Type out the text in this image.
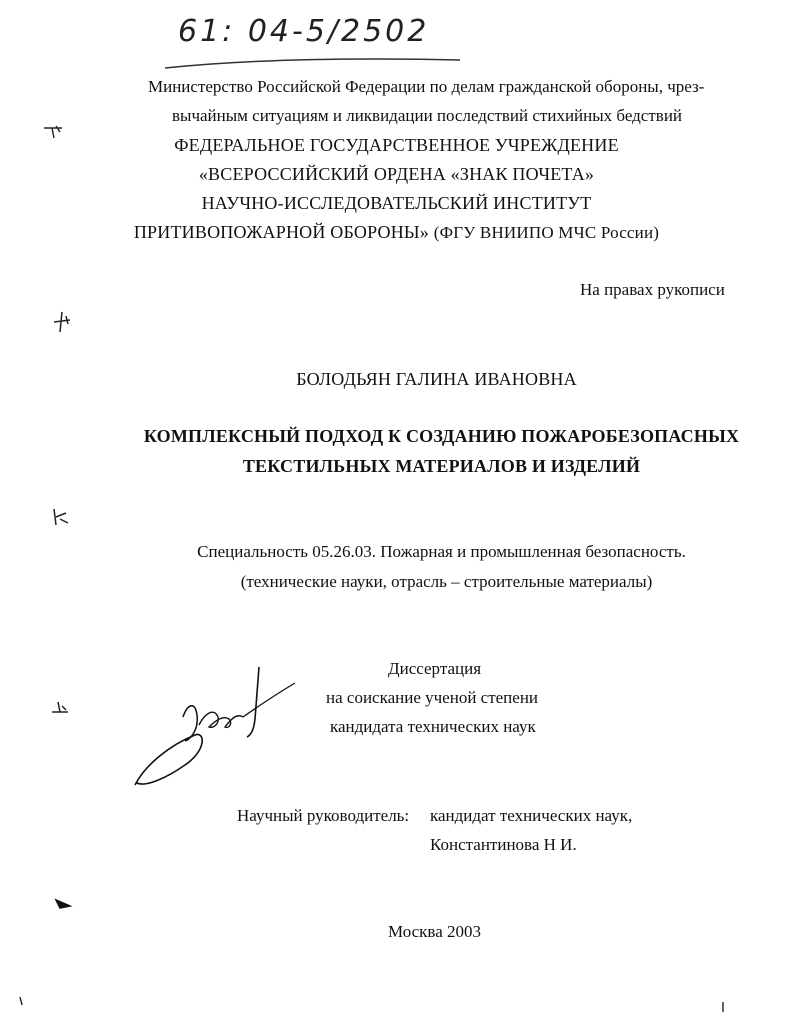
61: 04-5/2502
Министерство Российской Федерации по делам гражданской обороны, чрез-
вычайным ситуациям и ликвидации последствий стихийных бедствий
ФЕДЕРАЛЬНОЕ ГОСУДАРСТВЕННОЕ УЧРЕЖДЕНИЕ
«ВСЕРОССИЙСКИЙ ОРДЕНА «ЗНАК ПОЧЕТА»
НАУЧНО-ИССЛЕДОВАТЕЛЬСКИЙ ИНСТИТУТ
ПРИТИВОПОЖАРНОЙ ОБОРОНЫ» (ФГУ ВНИИПО МЧС России)
На правах рукописи
БОЛОДЬЯН ГАЛИНА ИВАНОВНА
КОМПЛЕКСНЫЙ ПОДХОД К СОЗДАНИЮ ПОЖАРОБЕЗОПАСНЫХ
ТЕКСТИЛЬНЫХ МАТЕРИАЛОВ И ИЗДЕЛИЙ
Специальность 05.26.03. Пожарная и промышленная безопасность.
(технические науки, отрасль – строительные материалы)
Диссертация
на соискание ученой степени
кандидата технических наук
Научный руководитель: кандидат технических наук,
Константинова Н И.
Москва 2003
